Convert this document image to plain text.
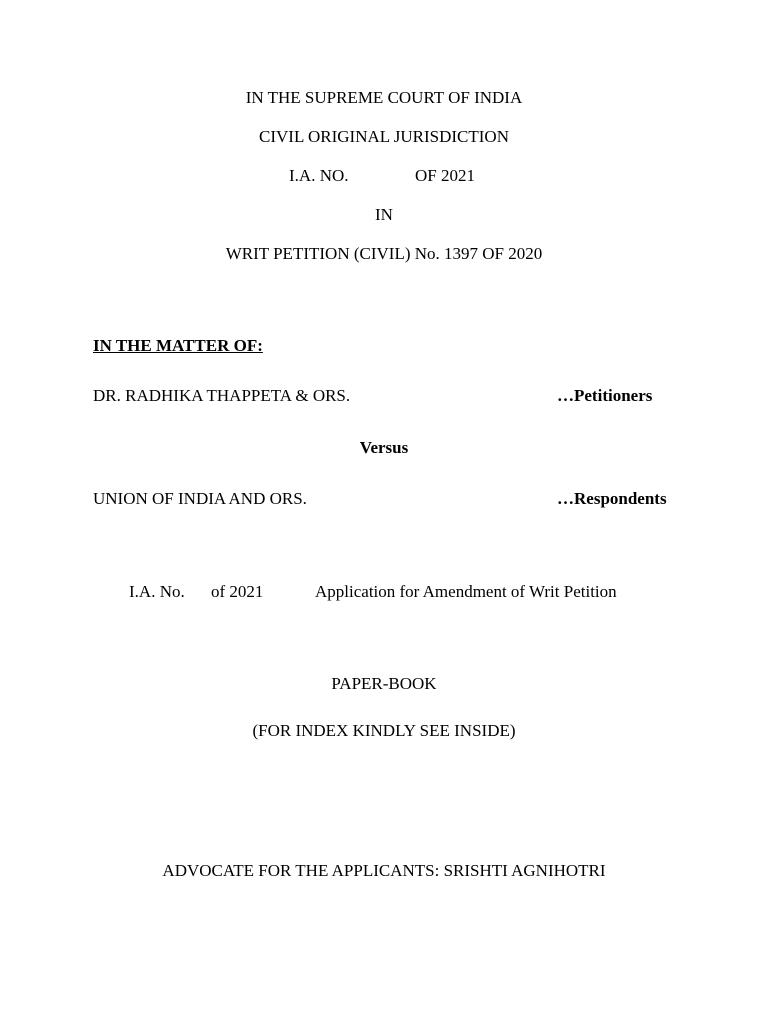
IN THE SUPREME COURT OF INDIA
CIVIL ORIGINAL JURISDICTION
I.A. NO.	OF 2021
IN
WRIT PETITION (CIVIL) No. 1397 OF 2020
IN THE MATTER OF:
DR. RADHIKA THAPPETA & ORS.	…Petitioners
Versus
UNION OF INDIA AND ORS.	…Respondents
I.A. No. of 2021	Application for Amendment of Writ Petition
PAPER-BOOK
(FOR INDEX KINDLY SEE INSIDE)
ADVOCATE FOR THE APPLICANTS: SRISHTI AGNIHOTRI
